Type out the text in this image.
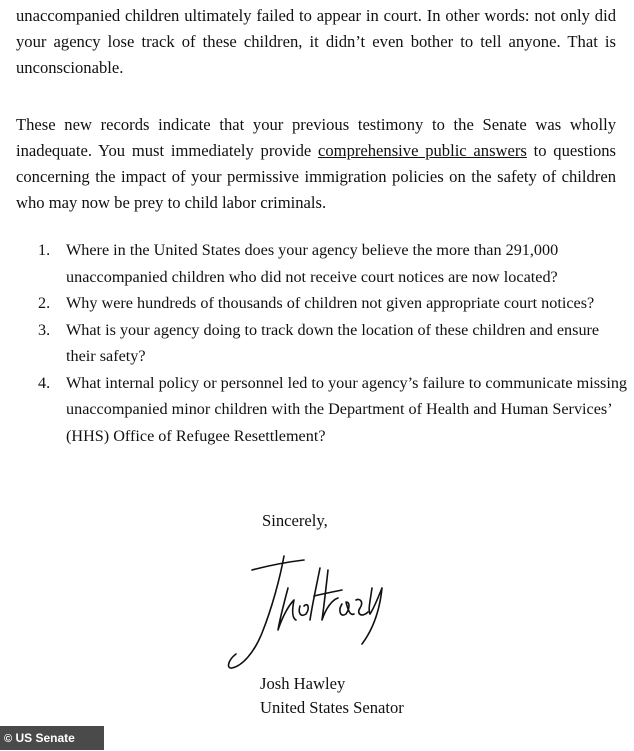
unaccompanied children ultimately failed to appear in court. In other words: not only did your agency lose track of these children, it didn’t even bother to tell anyone. That is unconscionable.

These new records indicate that your previous testimony to the Senate was wholly inadequate. You must immediately provide comprehensive public answers to questions concerning the impact of your permissive immigration policies on the safety of children who may now be prey to child labor criminals.

1. Where in the United States does your agency believe the more than 291,000 unaccompanied children who did not receive court notices are now located?
2. Why were hundreds of thousands of children not given appropriate court notices?
3. What is your agency doing to track down the location of these children and ensure their safety?
4. What internal policy or personnel led to your agency’s failure to communicate missing unaccompanied minor children with the Department of Health and Human Services’ (HHS) Office of Refugee Resettlement?
Sincerely,
Josh Hawley
United States Senator
© US Senate
